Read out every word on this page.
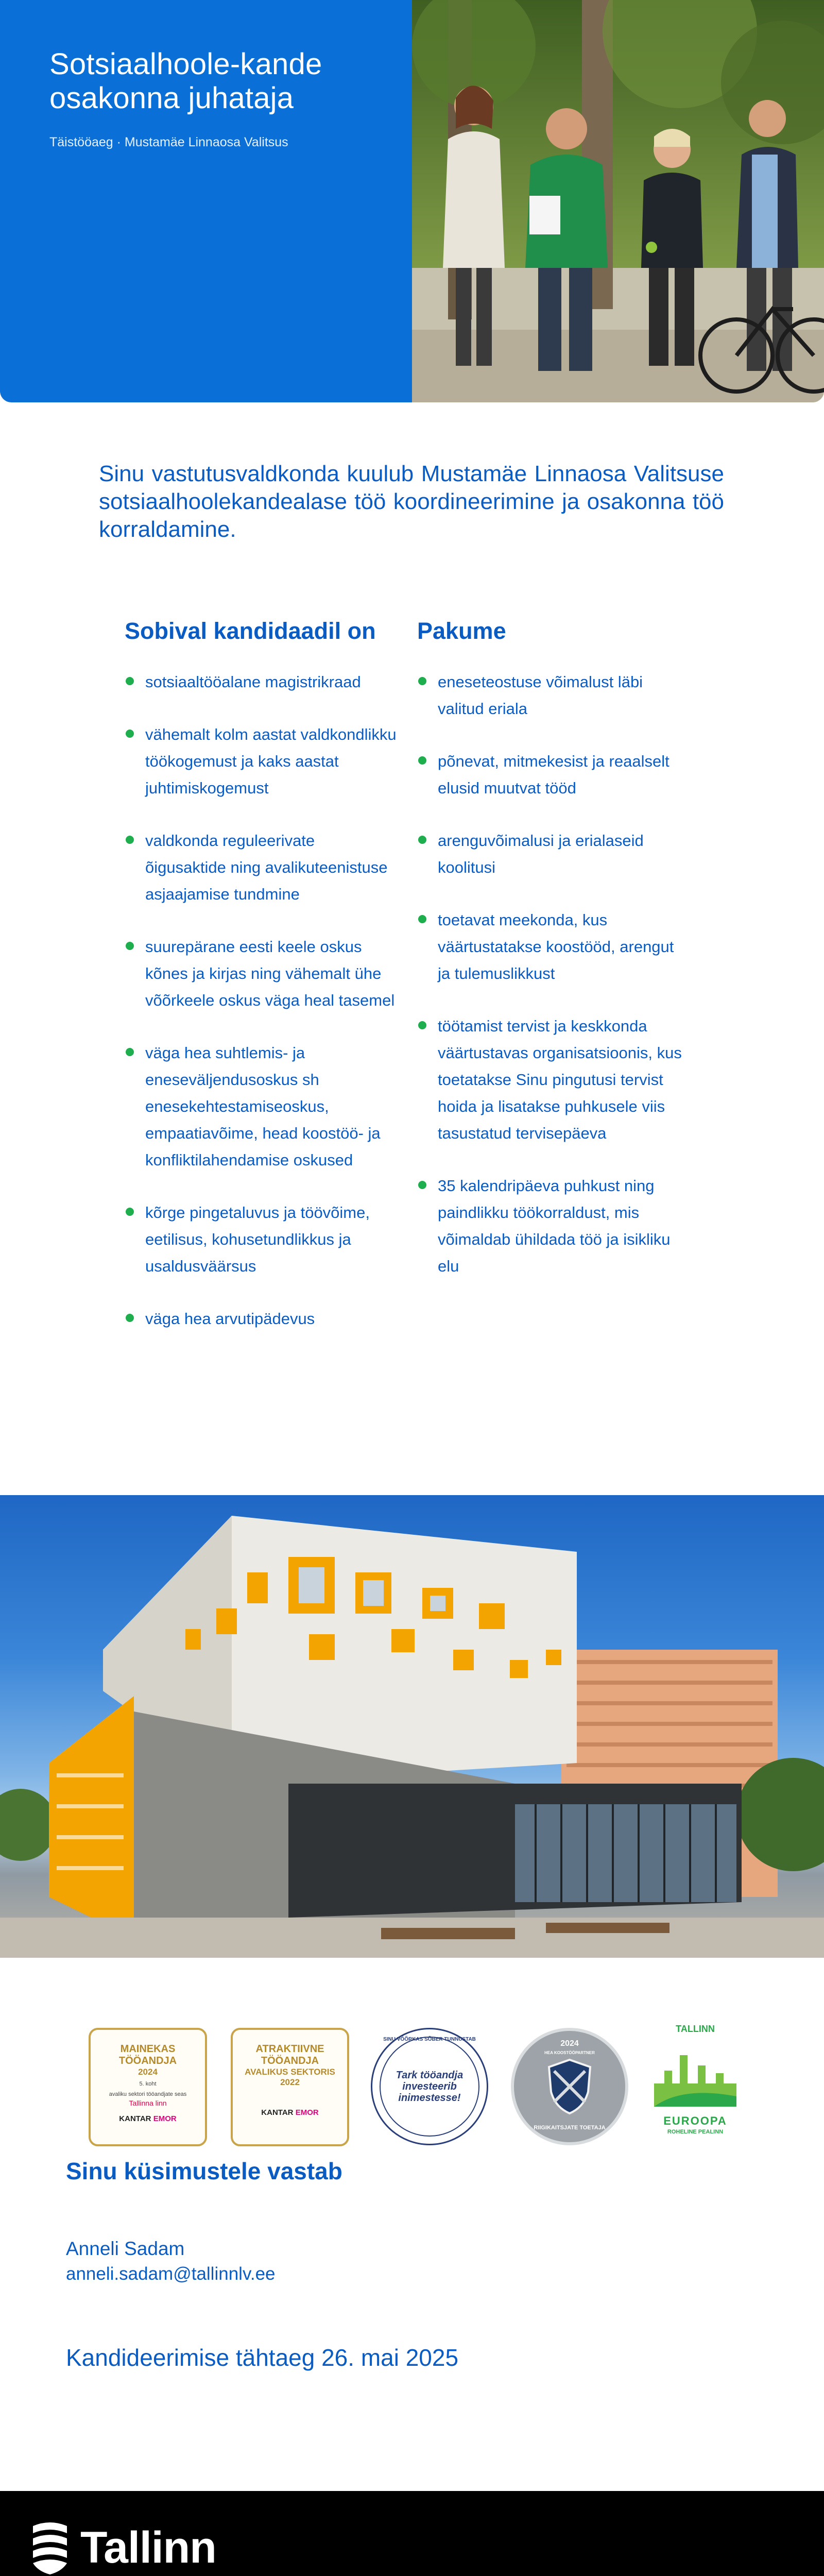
Sotsiaalhoole-kande
osakonna juhataja
Täistööaeg · Mustamäe Linnaosa Valitsus

Sinu vastutusvaldkonda kuulub Mustamäe Linnaosa Valitsuse sotsiaalhoolekandealase töö koordineerimine ja osakonna töö korraldamine.

Sobival kandidaadil on
sotsiaaltööalane magistrikraad
vähemalt kolm aastat valdkondlikku töökogemust ja kaks aastat juhtimiskogemust
valdkonda reguleerivate õigusaktide ning avalikuteenistuse asjaajamise tundmine
suurepärane eesti keele oskus kõnes ja kirjas ning vähemalt ühe võõrkeele oskus väga heal tasemel
väga hea suhtlemis- ja eneseväljendusoskus sh enesekehtestamiseoskus, empaatiavõime, head koostöö- ja konfliktilahendamise oskused
kõrge pingetaluvus ja töövõime, eetilisus, kohusetundlikkus ja usaldusväärsus
väga hea arvutipädevus
Pakume
eneseteostuse võimalust läbi valitud eriala
põnevat, mitmekesist ja reaalselt elusid muutvat tööd
arenguvõimalusi ja erialaseid koolitusi
toetavat meekonda, kus väärtustatakse koostööd, arengut ja tulemuslikkust
töötamist tervist ja keskkonda väärtustavas organisatsioonis, kus toetatakse Sinu pingutusi tervist hoida ja lisatakse puhkusele viis tasustatud tervisepäeva
35 kalendripäeva puhkust ning paindlikku töökorraldust, mis võimaldab ühildada töö ja isikliku elu
MAINEKAS
TÖÖANDJA
2024
5. koht
avaliku sektori tööandjate seas
Tallinna linn
KANTAR EMOR
ATRAKTIIVNE
TÖÖANDJA
AVALIKUS SEKTORIS
2022
KANTAR EMOR
SINU VÕÕRKAS SÕBER TUNNUSTAB
Tark tööandja
investeerib
inimestesse!
2024
HEA KOOSTÖÖPARTNER
RIIGIKAITSJATE TOETAJA
TALLINN
EUROOPA
ROHELINE PEALINN
Sinu küsimustele vastab
Anneli Sadam
anneli.sadam@tallinnlv.ee
Kandideerimise tähtaeg 26. mai 2025
Tallinn
